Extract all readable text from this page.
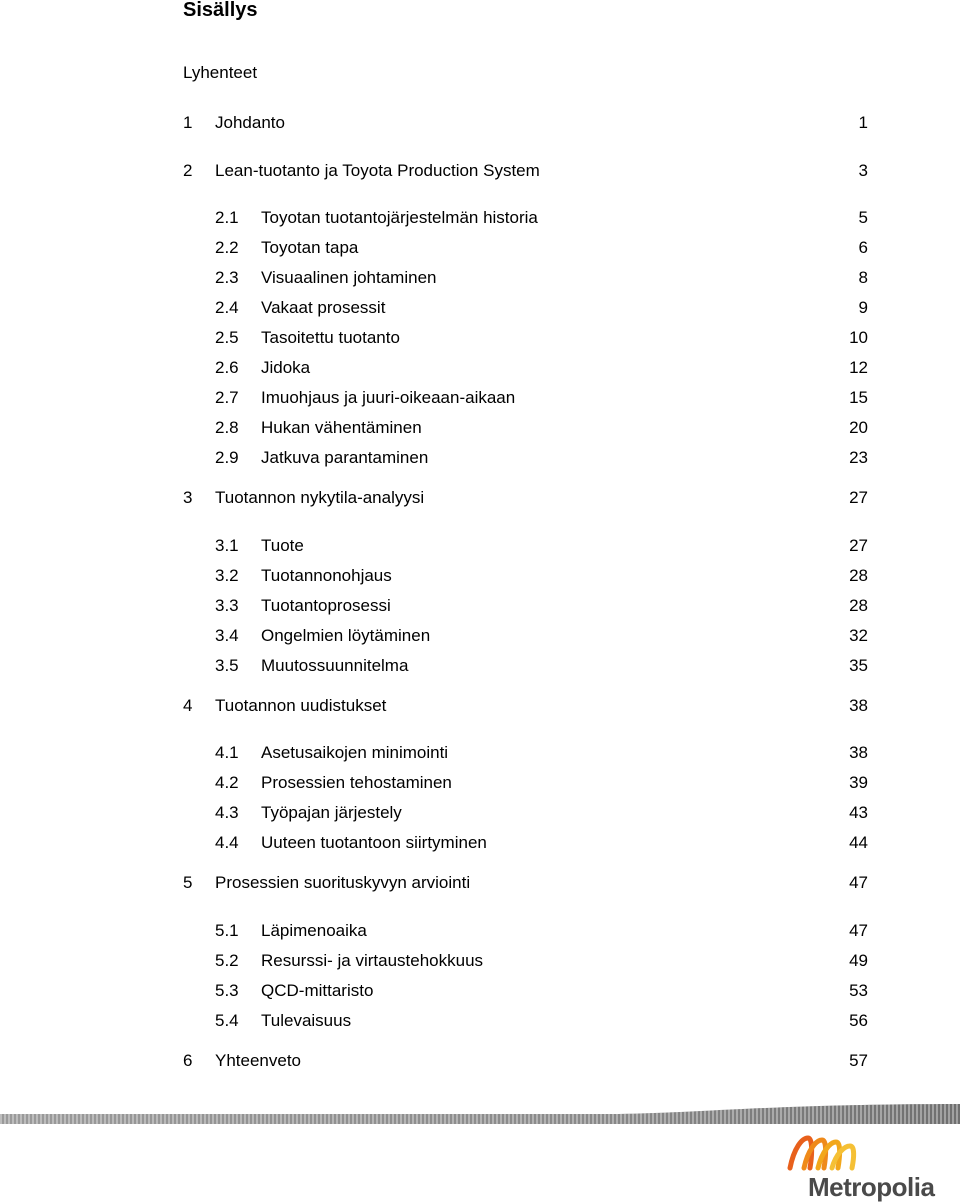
Sisällys
Lyhenteet
1 Johdanto	1
2 Lean-tuotanto ja Toyota Production System	3
2.1 Toyotan tuotantojärjestelmän historia	5
2.2 Toyotan tapa	6
2.3 Visuaalinen johtaminen	8
2.4 Vakaat prosessit	9
2.5 Tasoitettu tuotanto	10
2.6 Jidoka	12
2.7 Imuohjaus ja juuri-oikeaan-aikaan	15
2.8 Hukan vähentäminen	20
2.9 Jatkuva parantaminen	23
3 Tuotannon nykytila-analyysi	27
3.1 Tuote	27
3.2 Tuotannonohjaus	28
3.3 Tuotantoprosessi	28
3.4 Ongelmien löytäminen	32
3.5 Muutossuunnitelma	35
4 Tuotannon uudistukset	38
4.1 Asetusaikojen minimointi	38
4.2 Prosessien tehostaminen	39
4.3 Työpajan järjestely	43
4.4 Uuteen tuotantoon siirtyminen	44
5 Prosessien suorituskyvyn arviointi	47
5.1 Läpimenoaika	47
5.2 Resurssi- ja virtaustehokkuus	49
5.3 QCD-mittaristo	53
5.4 Tulevaisuus	56
6 Yhteenveto	57
Metropolia
